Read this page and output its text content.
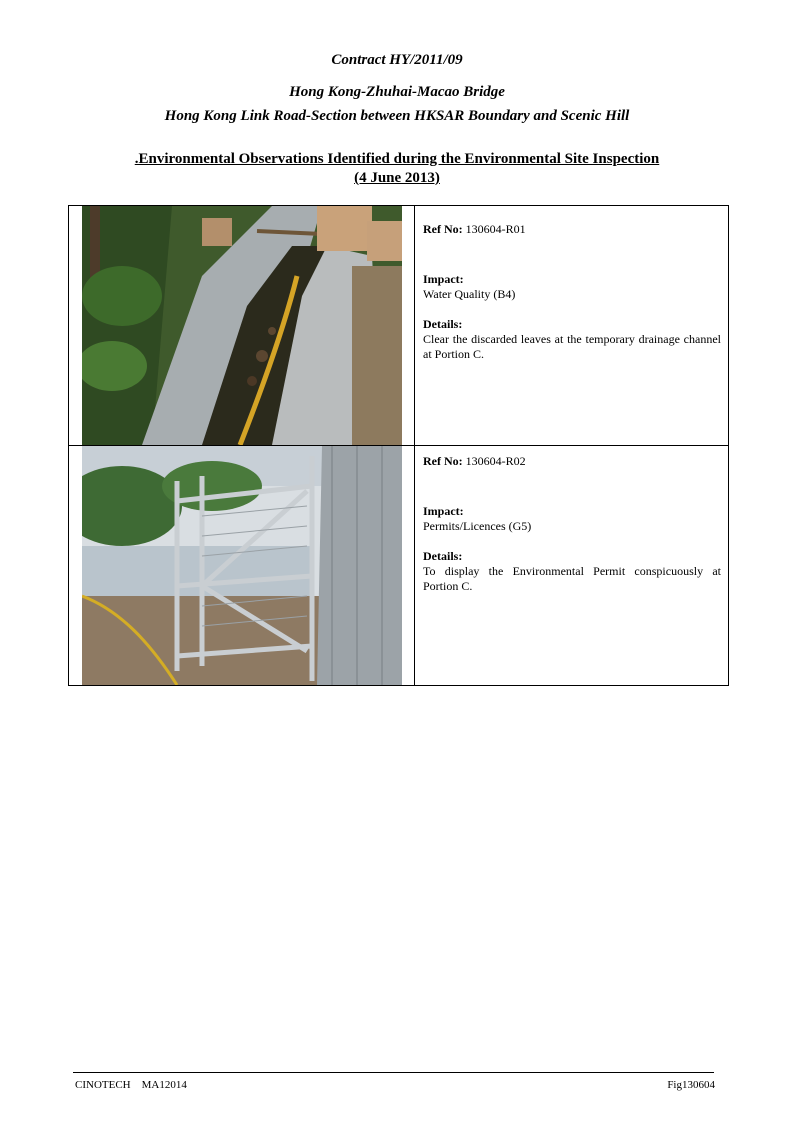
Contract HY/2011/09
Hong Kong-Zhuhai-Macao Bridge
Hong Kong Link Road-Section between HKSAR Boundary and Scenic Hill
.Environmental Observations Identified during the Environmental Site Inspection
(4 June 2013)

Ref No: 130604-R01
Impact:
Water Quality (B4)
Details:
Clear the discarded leaves at the temporary drainage channel at Portion C.

Ref No: 130604-R02
Impact:
Permits/Licences (G5)
Details:
To display the Environmental Permit conspicuously at Portion C.
CINOTECH MA12014	Fig130604
